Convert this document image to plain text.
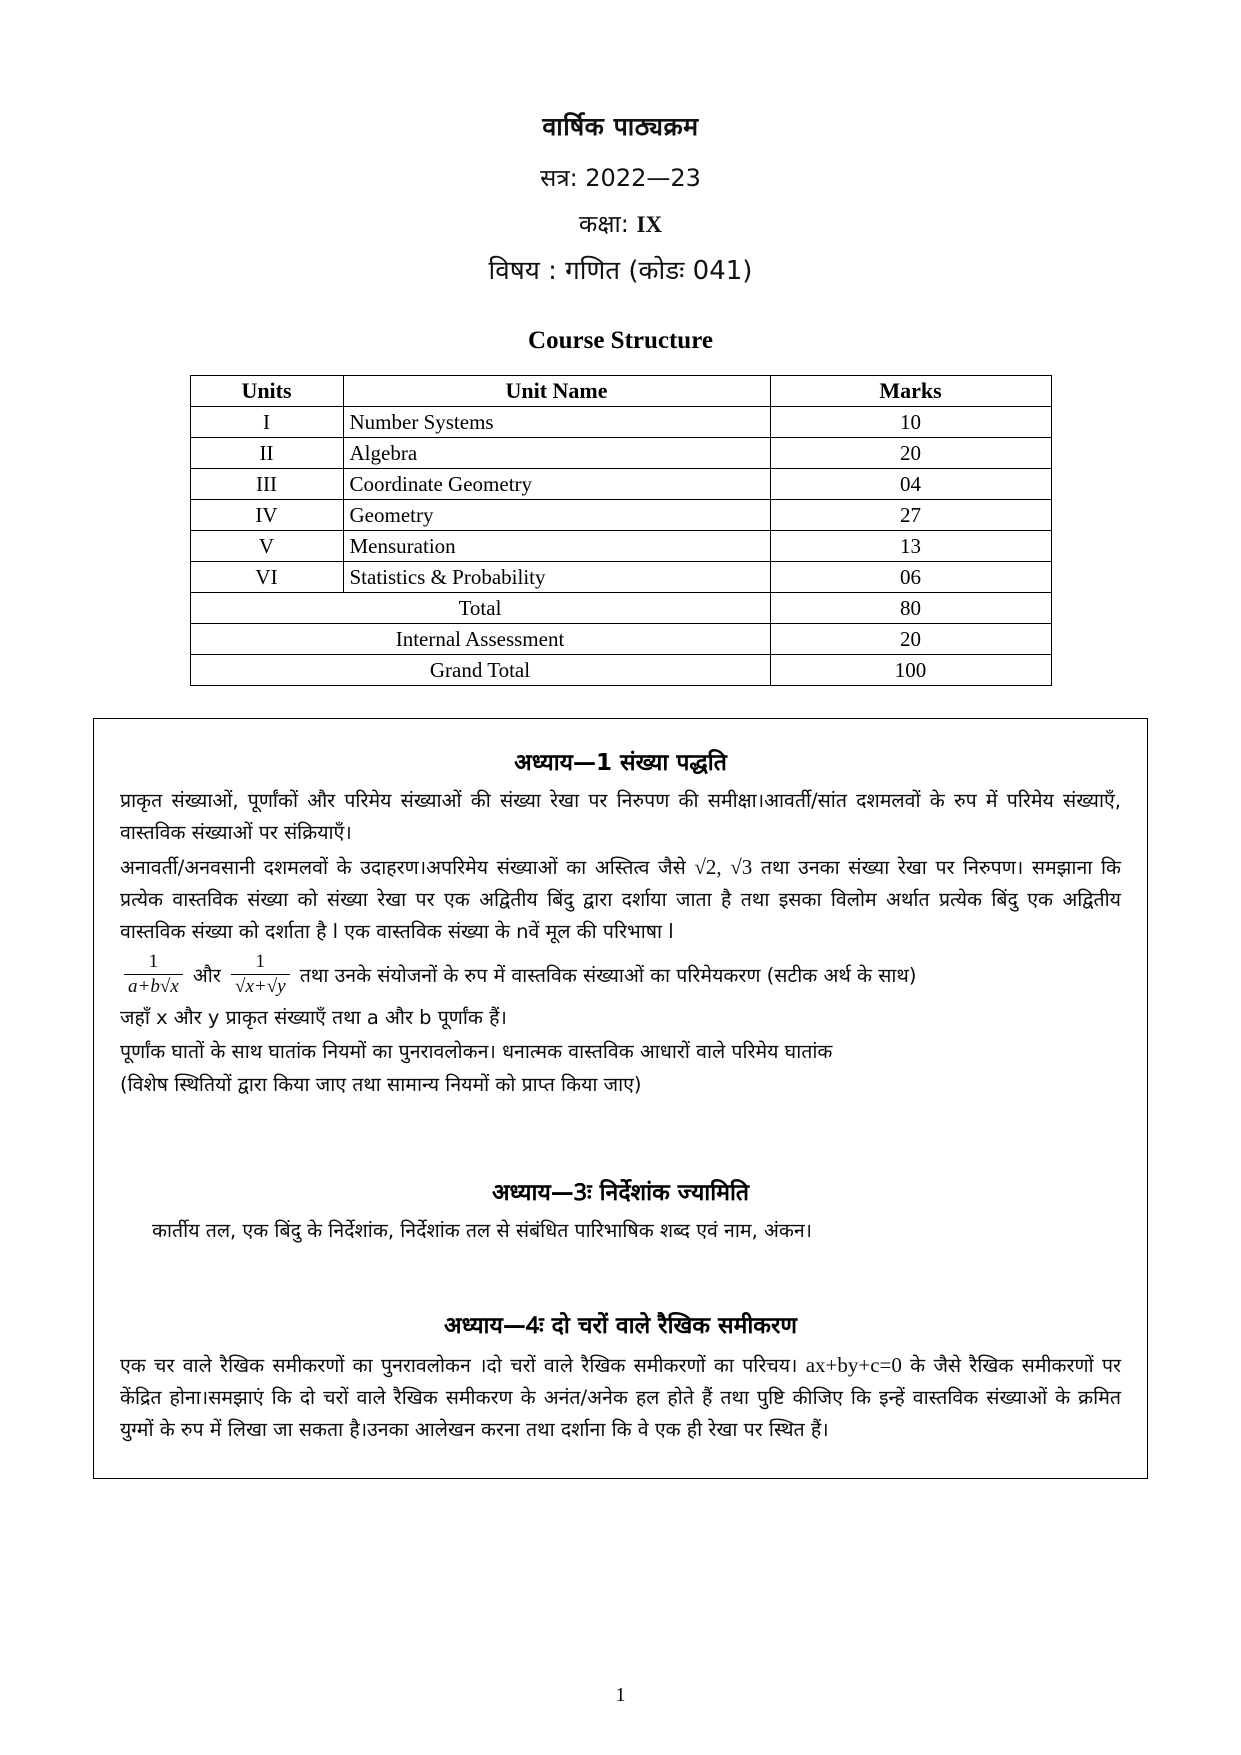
वार्षिक पाठ्यक्रम
सत्र: 2022—23
कक्षा: IX
विषय : गणित (कोडः 041)
Course Structure
Units	Unit Name	Marks
I	Number Systems	10
II	Algebra	20
III	Coordinate Geometry	04
IV	Geometry	27
V	Mensuration	13
VI	Statistics & Probability	06
Total		80
Internal Assessment		20
Grand Total		100
अध्याय—1 संख्या पद्धति

प्राकृत संख्याओं, पूर्णांकों और परिमेय संख्याओं की संख्या रेखा पर निरुपण की समीक्षा।आवर्ती/सांत दशमलवों के रुप में परिमेय संख्याएँ, वास्तविक संख्याओं पर संक्रियाएँ।

अनावर्ती/अनवसानी दशमलवों के उदाहरण।अपरिमेय संख्याओं का अस्तित्व जैसे √2, √3 तथा उनका संख्या रेखा पर निरुपण। समझाना कि प्रत्येक वास्तविक संख्या को संख्या रेखा पर एक अद्वितीय बिंदु द्वारा दर्शाया जाता है तथा इसका विलोम अर्थात प्रत्येक बिंदु एक अद्वितीय वास्तविक संख्या को दर्शाता है l एक वास्तविक संख्या के nवें मूल की परिभाषा l

$\frac{1}{a+b√x}$ और $\frac{1}{√x+√y}$ तथा उनके संयोजनों के रुप में वास्तविक संख्याओं का परिमेयकरण (सटीक अर्थ के साथ)

जहाँ x और y प्राकृत संख्याएँ तथा a और b पूर्णांक हैं।

पूर्णांक घातों के साथ घातांक नियमों का पुनरावलोकन। धनात्मक वास्तविक आधारों वाले परिमेय घातांक

(विशेष स्थितियों द्वारा किया जाए तथा सामान्य नियमों को प्राप्त किया जाए)

अध्याय—3ः निर्देशांक ज्यामिति

कार्तीय तल, एक बिंदु के निर्देशांक, निर्देशांक तल से संबंधित पारिभाषिक शब्द एवं नाम, अंकन।

अध्याय—4ः दो चरों वाले रैखिक समीकरण

एक चर वाले रैखिक समीकरणों का पुनरावलोकन ।दो चरों वाले रैखिक समीकरणों का परिचय। ax+by+c=0 के जैसे रैखिक समीकरणों पर केंद्रित होना।समझाएं कि दो चरों वाले रैखिक समीकरण के अनंत/अनेक हल होते हैं तथा पुष्टि कीजिए कि इन्हें वास्तविक संख्याओं के क्रमित युग्मों के रुप में लिखा जा सकता है।उनका आलेखन करना तथा दर्शाना कि वे एक ही रेखा पर स्थित हैं।

1
